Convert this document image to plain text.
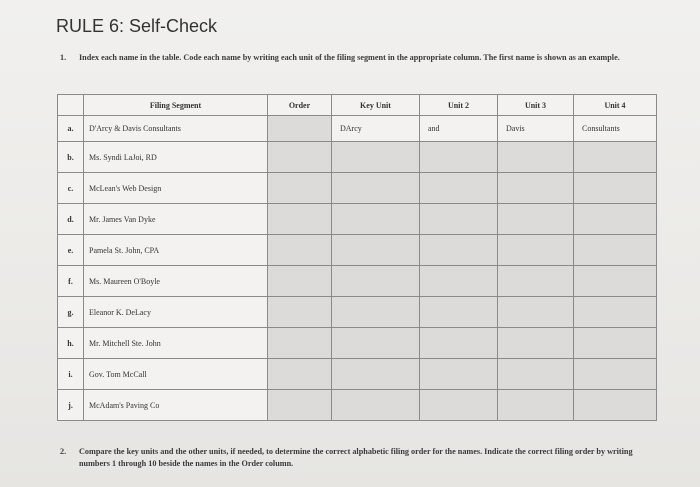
RULE 6: Self-Check
1. Index each name in the table. Code each name by writing each unit of the filing segment in the appropriate column. The first name is shown as an example.
	Filing Segment	Order	Key Unit	Unit 2	Unit 3	Unit 4
a.	D'Arcy & Davis Consultants		DArcy	and	Davis	Consultants
b.	Ms. Syndi LaJoi, RD					
c.	McLean's Web Design					
d.	Mr. James Van Dyke					
e.	Pamela St. John, CPA					
f.	Ms. Maureen O'Boyle					
g.	Eleanor K. DeLacy					
h.	Mr. Mitchell Ste. John					
i.	Gov. Tom McCall					
j.	McAdam's Paving Co					
2. Compare the key units and the other units, if needed, to determine the correct alphabetic filing order for the names. Indicate the correct filing order by writing numbers 1 through 10 beside the names in the Order column.
